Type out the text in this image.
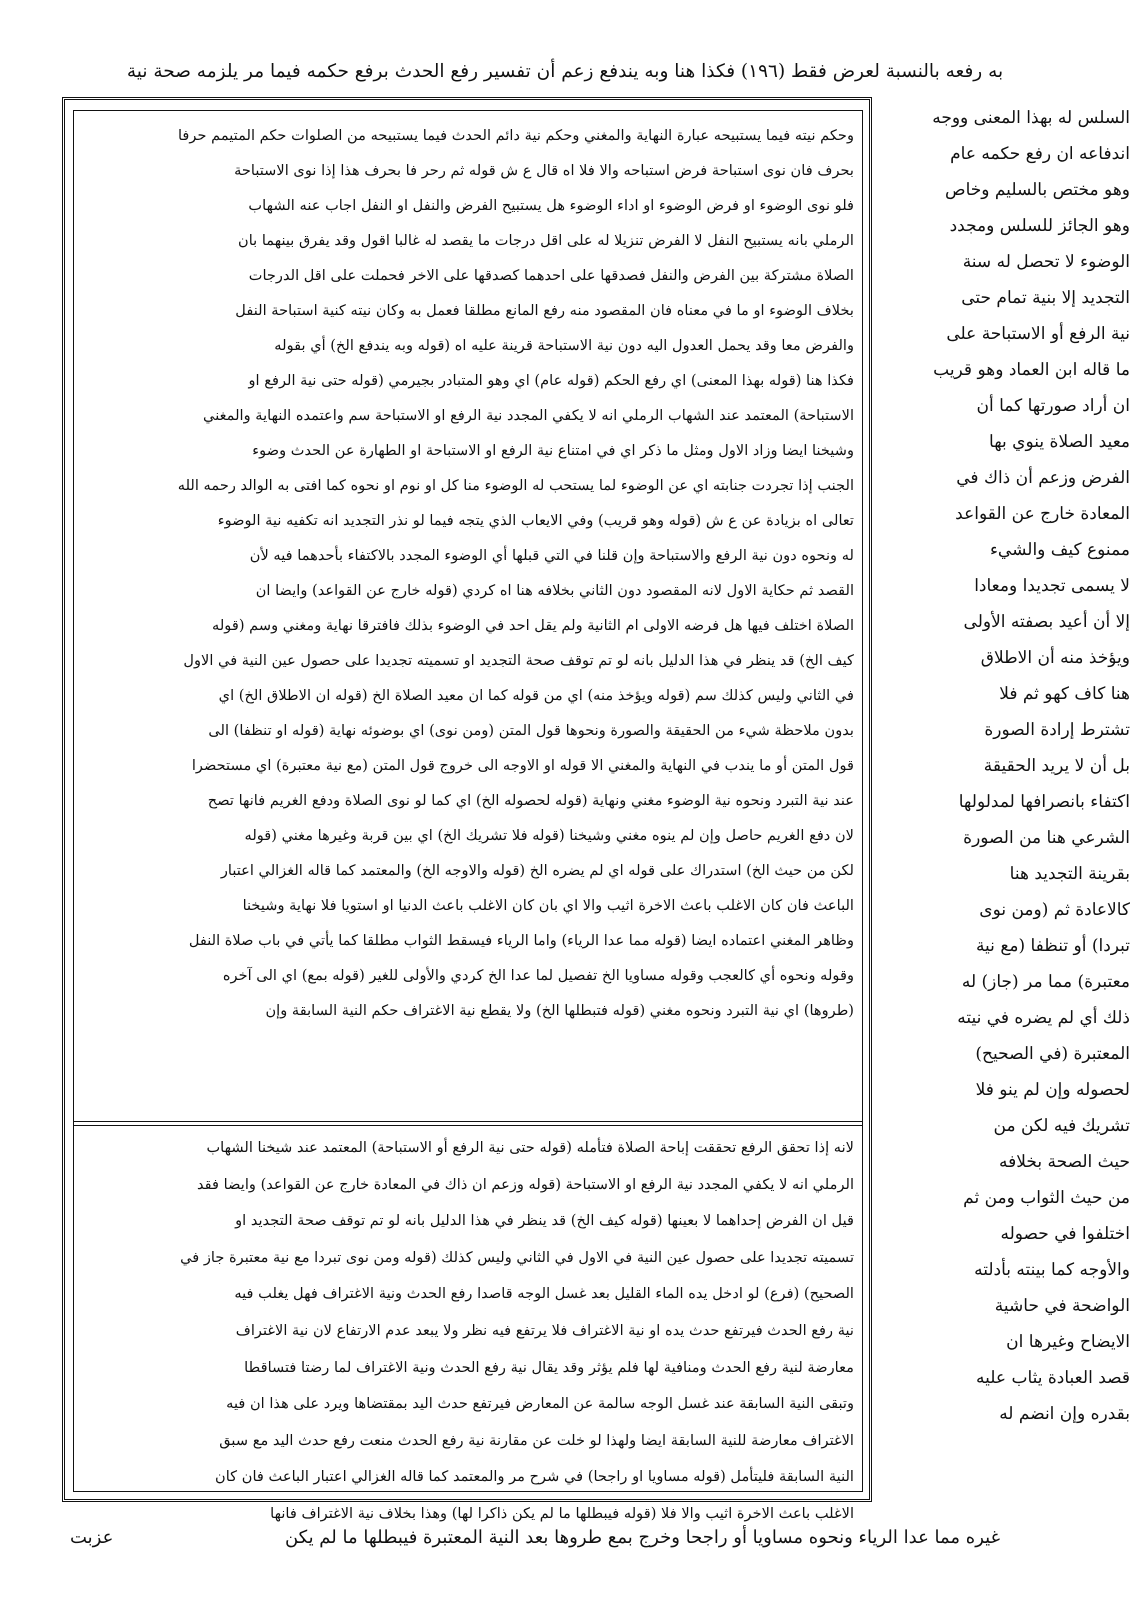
به رفعه بالنسبة لعرض فقط (١٩٦) فكذا هنا وبه يندفع زعم أن تفسير رفع الحدث برفع حكمه فيما مر يلزمه صحة نية
وحكم نيته فيما يستبيحه عبارة النهاية والمغني وحكم نية دائم الحدث فيما يستبيحه من الصلوات حكم المتيمم حرفا
بحرف فان نوى استباحة فرض استباحه والا فلا اه قال ع ش قوله ثم رحر فا بحرف هذا إذا نوى الاستباحة
فلو نوى الوضوء او فرض الوضوء او اداء الوضوء هل يستبيح الفرض والنفل او النفل اجاب عنه الشهاب
الرملي بانه يستبيح النفل لا الفرض تنزيلا له على اقل درجات ما يقصد له غالبا اقول وقد يفرق بينهما بان
الصلاة مشتركة بين الفرض والنفل فصدقها على احدهما كصدقها على الاخر فحملت على اقل الدرجات
بخلاف الوضوء او ما في معناه فان المقصود منه رفع المانع مطلقا فعمل به وكان نيته كنية استباحة النفل
والفرض معا وقد يحمل العدول اليه دون نية الاستباحة قرينة عليه اه (قوله وبه يندفع الخ) أي بقوله
فكذا هنا (قوله بهذا المعنى) اي رفع الحكم (قوله عام) اي وهو المتبادر بجيرمي (قوله حتى نية الرفع او
الاستباحة) المعتمد عند الشهاب الرملي انه لا يكفي المجدد نية الرفع او الاستباحة سم واعتمده النهاية والمغني
وشيخنا ايضا وزاد الاول ومثل ما ذكر اي في امتناع نية الرفع او الاستباحة او الطهارة عن الحدث وضوء
الجنب إذا تجردت جنابته اي عن الوضوء لما يستحب له الوضوء منا كل او نوم او نحوه كما افتى به الوالد رحمه الله
تعالى اه بزيادة عن ع ش (قوله وهو قريب) وفي الايعاب الذي يتجه فيما لو نذر التجديد انه تكفيه نية الوضوء
له ونحوه دون نية الرفع والاستباحة وإن قلنا في التي قبلها أي الوضوء المجدد بالاكتفاء بأحدهما فيه لأن
القصد ثم حكاية الاول لانه المقصود دون الثاني بخلافه هنا اه كردي (قوله خارج عن القواعد) وايضا ان
الصلاة اختلف فيها هل فرضه الاولى ام الثانية ولم يقل احد في الوضوء بذلك فافترقا نهاية ومغني وسم (قوله
كيف الخ) قد ينظر في هذا الدليل بانه لو تم توقف صحة التجديد او تسميته تجديدا على حصول عين النية في الاول
في الثاني وليس كذلك سم (قوله ويؤخذ منه) اي من قوله كما ان معيد الصلاة الخ (قوله ان الاطلاق الخ) اي
بدون ملاحظة شيء من الحقيقة والصورة ونحوها قول المتن (ومن نوى) اي بوضوئه نهاية (قوله او تنظفا) الى
قول المتن أو ما يندب في النهاية والمغني الا قوله او الاوجه الى خروج قول المتن (مع نية معتبرة) اي مستحضرا
عند نية التبرد ونحوه نية الوضوء مغني ونهاية (قوله لحصوله الخ) اي كما لو نوى الصلاة ودفع الغريم فانها تصح
لان دفع الغريم حاصل وإن لم ينوه مغني وشيخنا (قوله فلا تشريك الخ) اي بين قربة وغيرها مغني (قوله
لكن من حيث الخ) استدراك على قوله اي لم يضره الخ (قوله والاوجه الخ) والمعتمد كما قاله الغزالي اعتبار
الباعث فان كان الاغلب باعث الاخرة اثيب والا اي بان كان الاغلب باعث الدنيا او استويا فلا نهاية وشيخنا
وظاهر المغني اعتماده ايضا (قوله مما عدا الرياء) واما الرياء فيسقط الثواب مطلقا كما يأتي في باب صلاة النفل
وقوله ونحوه أي كالعجب وقوله مساويا الخ تفصيل لما عدا الخ كردي والأولى للغير (قوله بمع) اي الى آخره
(طروها) اي نية التبرد ونحوه مغني (قوله فتبطلها الخ) ولا يقطع نية الاغتراف حكم النية السابقة وإن
لانه إذا تحقق الرفع تحققت إباحة الصلاة فتأمله (قوله حتى نية الرفع أو الاستباحة) المعتمد عند شيخنا الشهاب
الرملي انه لا يكفي المجدد نية الرفع او الاستباحة (قوله وزعم ان ذاك في المعادة خارج عن القواعد) وايضا فقد
قيل ان الفرض إحداهما لا بعينها (قوله كيف الخ) قد ينظر في هذا الدليل بانه لو تم توقف صحة التجديد او
تسميته تجديدا على حصول عين النية في الاول في الثاني وليس كذلك (قوله ومن نوى تبردا مع نية معتبرة جاز في
الصحيح) (فرع) لو ادخل يده الماء القليل بعد غسل الوجه قاصدا رفع الحدث ونية الاغتراف فهل يغلب فيه
نية رفع الحدث فيرتفع حدث يده او نية الاغتراف فلا يرتفع فيه نظر ولا يبعد عدم الارتفاع لان نية الاغتراف
معارضة لنية رفع الحدث ومنافية لها فلم يؤثر وقد يقال نية رفع الحدث ونية الاغتراف لما رضتا فتساقطا
وتبقى النية السابقة عند غسل الوجه سالمة عن المعارض فيرتفع حدث اليد بمقتضاها ويرد على هذا ان فيه
الاغتراف معارضة للنية السابقة ايضا ولهذا لو خلت عن مقارنة نية رفع الحدث منعت رفع حدث اليد مع سبق
النية السابقة فليتأمل (قوله مساويا او راجحا) في شرح مر والمعتمد كما قاله الغزالي اعتبار الباعث فان كان
الاغلب باعث الاخرة اثيب والا فلا (قوله فيبطلها ما لم يكن ذاكرا لها) وهذا بخلاف نية الاغتراف فانها
السلس له بهذا المعنى ووجه
اندفاعه ان رفع حكمه عام
وهو مختص بالسليم وخاص
وهو الجائز للسلس ومجدد
الوضوء لا تحصل له سنة
التجديد إلا بنية تمام حتى
نية الرفع أو الاستباحة على
ما قاله ابن العماد وهو قريب
ان أراد صورتها كما أن
معيد الصلاة ينوي بها
الفرض وزعم أن ذاك في
المعادة خارج عن القواعد
ممنوع كيف والشيء
لا يسمى تجديدا ومعادا
إلا أن أعيد بصفته الأولى
ويؤخذ منه أن الاطلاق
هنا كاف كهو ثم فلا
تشترط إرادة الصورة
بل أن لا يريد الحقيقة
اكتفاء بانصرافها لمدلولها
الشرعي هنا من الصورة
بقرينة التجديد هنا
كالاعادة ثم (ومن نوى
تبردا) أو تنظفا (مع نية
معتبرة) مما مر (جاز) له
ذلك أي لم يضره في نيته
المعتبرة (في الصحيح)
لحصوله وإن لم ينو فلا
تشريك فيه لكن من
حيث الصحة بخلافه
من حيث الثواب ومن ثم
اختلفوا في حصوله
والأوجه كما بينته بأدلته
الواضحة في حاشية
الايضاح وغيرها ان
قصد العبادة يثاب عليه
بقدره وإن انضم له
غيره مما عدا الرياء ونحوه مساويا أو راجحا وخرج بمع طروها بعد النية المعتبرة فيبطلها ما لم يكن
عزبت
